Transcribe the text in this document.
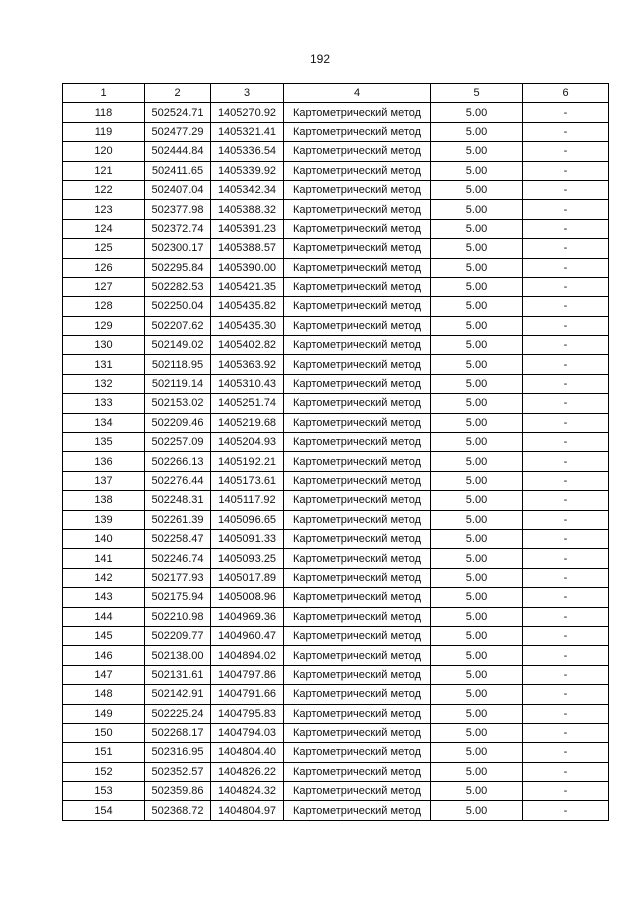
192
1	2	3	4	5	6
118	502524.71	1405270.92	Картометрический метод	5.00	-
119	502477.29	1405321.41	Картометрический метод	5.00	-
120	502444.84	1405336.54	Картометрический метод	5.00	-
121	502411.65	1405339.92	Картометрический метод	5.00	-
122	502407.04	1405342.34	Картометрический метод	5.00	-
123	502377.98	1405388.32	Картометрический метод	5.00	-
124	502372.74	1405391.23	Картометрический метод	5.00	-
125	502300.17	1405388.57	Картометрический метод	5.00	-
126	502295.84	1405390.00	Картометрический метод	5.00	-
127	502282.53	1405421.35	Картометрический метод	5.00	-
128	502250.04	1405435.82	Картометрический метод	5.00	-
129	502207.62	1405435.30	Картометрический метод	5.00	-
130	502149.02	1405402.82	Картометрический метод	5.00	-
131	502118.95	1405363.92	Картометрический метод	5.00	-
132	502119.14	1405310.43	Картометрический метод	5.00	-
133	502153.02	1405251.74	Картометрический метод	5.00	-
134	502209.46	1405219.68	Картометрический метод	5.00	-
135	502257.09	1405204.93	Картометрический метод	5.00	-
136	502266.13	1405192.21	Картометрический метод	5.00	-
137	502276.44	1405173.61	Картометрический метод	5.00	-
138	502248.31	1405117.92	Картометрический метод	5.00	-
139	502261.39	1405096.65	Картометрический метод	5.00	-
140	502258.47	1405091.33	Картометрический метод	5.00	-
141	502246.74	1405093.25	Картометрический метод	5.00	-
142	502177.93	1405017.89	Картометрический метод	5.00	-
143	502175.94	1405008.96	Картометрический метод	5.00	-
144	502210.98	1404969.36	Картометрический метод	5.00	-
145	502209.77	1404960.47	Картометрический метод	5.00	-
146	502138.00	1404894.02	Картометрический метод	5.00	-
147	502131.61	1404797.86	Картометрический метод	5.00	-
148	502142.91	1404791.66	Картометрический метод	5.00	-
149	502225.24	1404795.83	Картометрический метод	5.00	-
150	502268.17	1404794.03	Картометрический метод	5.00	-
151	502316.95	1404804.40	Картометрический метод	5.00	-
152	502352.57	1404826.22	Картометрический метод	5.00	-
153	502359.86	1404824.32	Картометрический метод	5.00	-
154	502368.72	1404804.97	Картометрический метод	5.00	-
